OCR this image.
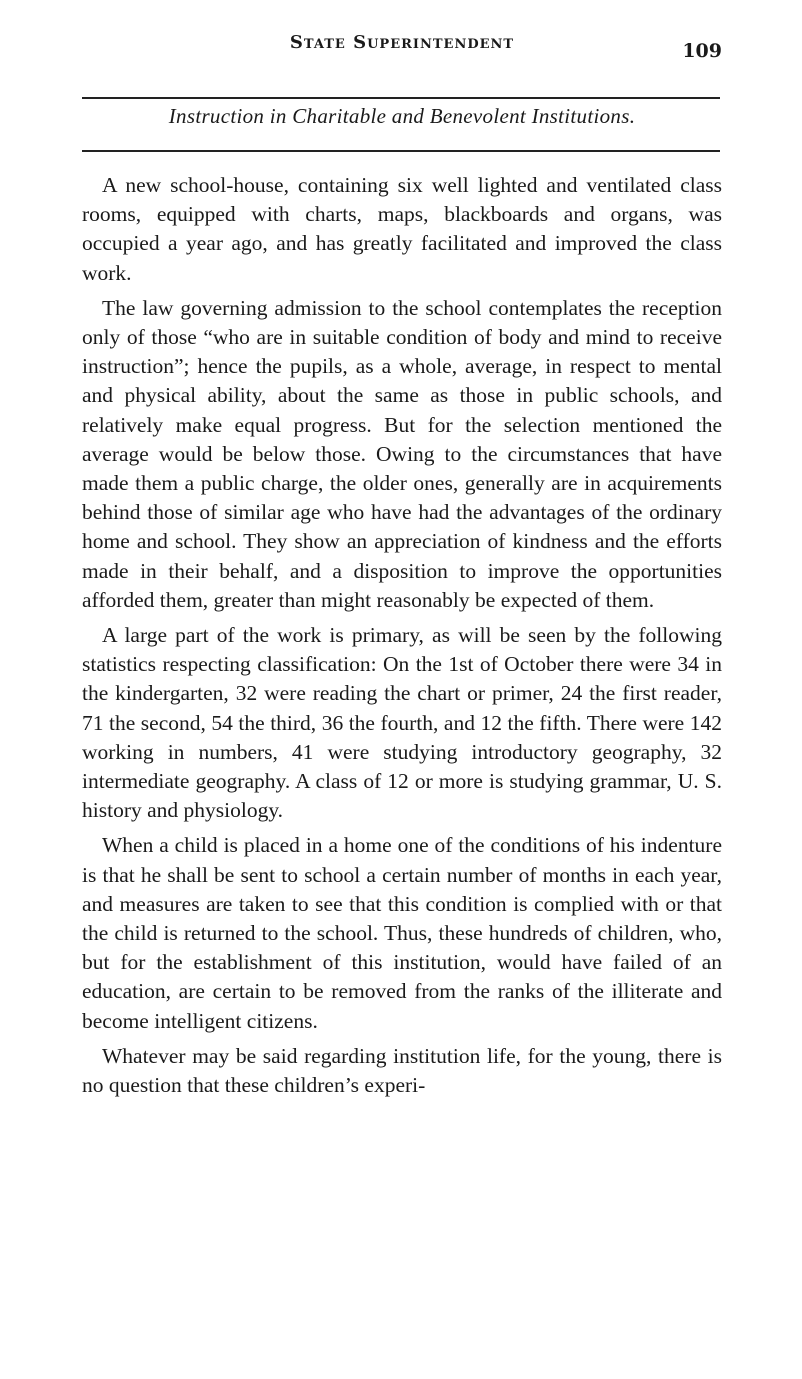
State Superintendent	109
Instruction in Charitable and Benevolent Institutions.

A new school-house, containing six well lighted and ventilated class rooms, equipped with charts, maps, blackboards and organs, was occupied a year ago, and has greatly facilitated and improved the class work.

The law governing admission to the school contemplates the reception only of those “who are in suitable condition of body and mind to receive instruction”; hence the pupils, as a whole, average, in respect to mental and physical ability, about the same as those in public schools, and relatively make equal progress. But for the selection mentioned the average would be below those. Owing to the circumstances that have made them a public charge, the older ones, generally are in acquirements behind those of similar age who have had the advantages of the ordinary home and school. They show an appreciation of kindness and the efforts made in their behalf, and a disposition to improve the opportunities afforded them, greater than might reasonably be expected of them.

A large part of the work is primary, as will be seen by the following statistics respecting classification: On the 1st of October there were 34 in the kindergarten, 32 were reading the chart or primer, 24 the first reader, 71 the second, 54 the third, 36 the fourth, and 12 the fifth. There were 142 working in numbers, 41 were studying introductory geography, 32 intermediate geography. A class of 12 or more is studying grammar, U. S. history and physiology.

When a child is placed in a home one of the conditions of his indenture is that he shall be sent to school a certain number of months in each year, and measures are taken to see that this condition is complied with or that the child is returned to the school. Thus, these hundreds of children, who, but for the establishment of this institution, would have failed of an education, are certain to be removed from the ranks of the illiterate and become intelligent citizens.

Whatever may be said regarding institution life, for the young, there is no question that these children’s experi-
